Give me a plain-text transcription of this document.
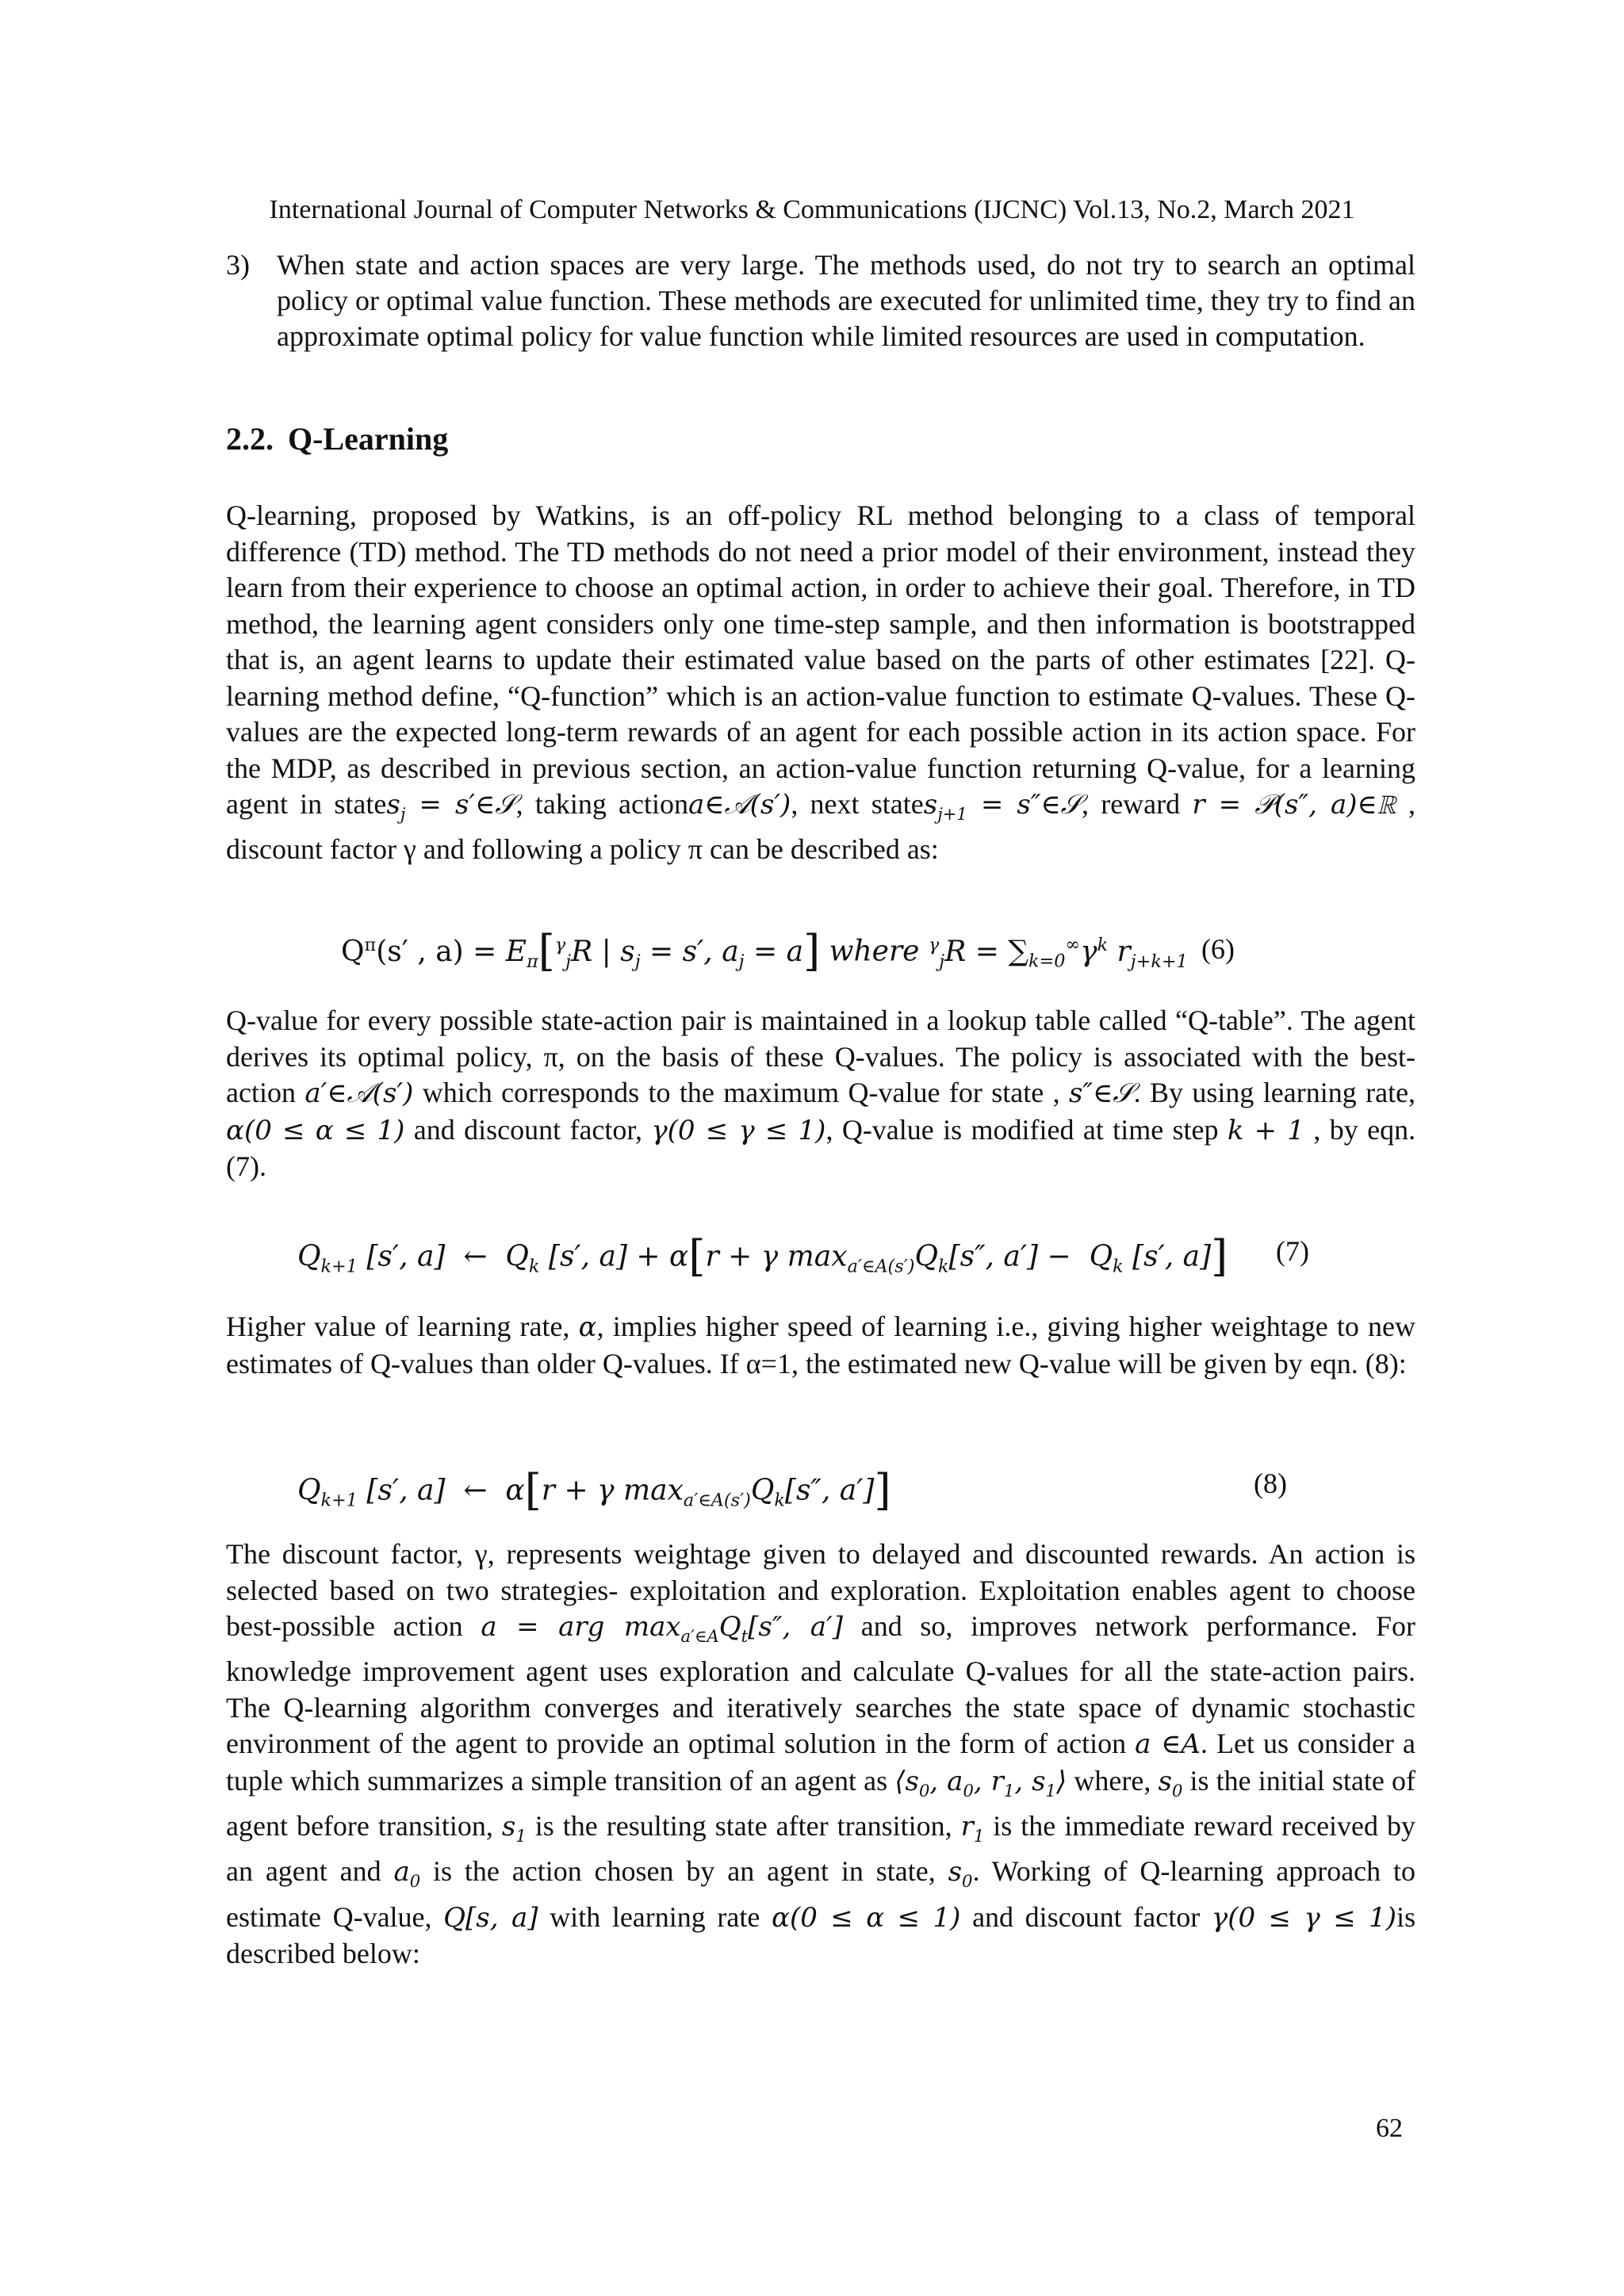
International Journal of Computer Networks & Communications (IJCNC) Vol.13, No.2, March 2021
3) When state and action spaces are very large. The methods used, do not try to search an optimal policy or optimal value function. These methods are executed for unlimited time, they try to find an approximate optimal policy for value function while limited resources are used in computation.
2.2. Q-Learning
Q-learning, proposed by Watkins, is an off-policy RL method belonging to a class of temporal difference (TD) method. The TD methods do not need a prior model of their environment, instead they learn from their experience to choose an optimal action, in order to achieve their goal. Therefore, in TD method, the learning agent considers only one time-step sample, and then information is bootstrapped that is, an agent learns to update their estimated value based on the parts of other estimates [22]. Q-learning method define, “Q-function” which is an action-value function to estimate Q-values. These Q-values are the expected long-term rewards of an agent for each possible action in its action space. For the MDP, as described in previous section, an action-value function returning Q-value, for a learning agent in states$_j$ = s′∈𝒮, taking actiona∈𝒜(s′), next states$_{j+1}$ = s″∈𝒮, reward r = 𝒫(s″, a)∈ℝ , discount factor γ and following a policy π can be described as:
$Q^\pi(s'$ , $a) = E_\pi[^\gamma_jR$ | $s_j = s'$, $a_j = a$] where $^\gamma_jR = \sum_{k=0}^\infty\gamma^k$ $r_{j+k+1}$ (6)
Q-value for every possible state-action pair is maintained in a lookup table called “Q-table”. The agent derives its optimal policy, π, on the basis of these Q-values. The policy is associated with the best-action a′∈𝒜(s′) which corresponds to the maximum Q-value for state , s″∈𝒮. By using learning rate, α(0 ≤ α ≤ 1) and discount factor, γ(0 ≤ γ ≤ 1), Q-value is modified at time step k + 1 , by eqn. (7).
$Q_{k+1}$ [s′, a]  ←  $Q_k$ [s′, a] + α[r + γ $\max_{a'\in A(s')}Q_k[s''$, $a'] - Q_k$ [s′, a]] (7)
Higher value of learning rate, α, implies higher speed of learning i.e., giving higher weightage to new estimates of Q-values than older Q-values. If α=1, the estimated new Q-value will be given by eqn. (8):
$Q_{k+1}$ [s′, a]  ←  α[r + γ $\max_{a'\in A(s')}Q_k[s''$, a′]]	(8)
The discount factor, γ, represents weightage given to delayed and discounted rewards. An action is selected based on two strategies- exploitation and exploration. Exploitation enables agent to choose best-possible action a = arg $\max_{a'\in A}Q_t[s''$, a′] and so, improves network performance. For knowledge improvement agent uses exploration and calculate Q-values for all the state-action pairs. The Q-learning algorithm converges and iteratively searches the state space of dynamic stochastic environment of the agent to provide an optimal solution in the form of action a ∈A. Let us consider a tuple which summarizes a simple transition of an agent as $⟨s_0$, $a_0$, $r_1$, $s_1⟩$ where, $s_0$ is the initial state of agent before transition, $s_1$ is the resulting state after transition, $r_1$ is the immediate reward received by an agent and $a_0$ is the action chosen by an agent in state, $s_0$. Working of Q-learning approach to estimate Q-value, Q[s, a] with learning rate α(0 ≤ α ≤ 1) and discount factor γ(0 ≤ γ ≤ 1)is described below:
62
